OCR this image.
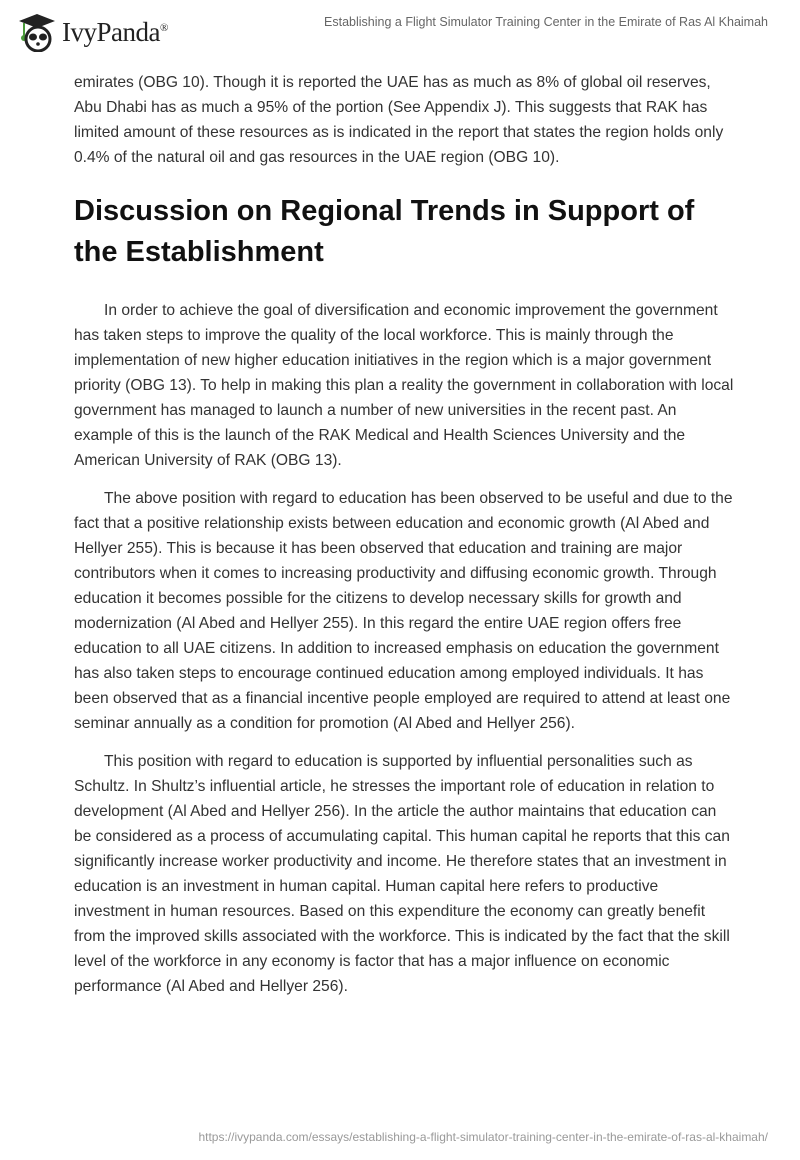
IvyPanda®	Establishing a Flight Simulator Training Center in the Emirate of Ras Al Khaimah

emirates (OBG 10). Though it is reported the UAE has as much as 8% of global oil reserves, Abu Dhabi has as much a 95% of the portion (See Appendix J). This suggests that RAK has limited amount of these resources as is indicated in the report that states the region holds only 0.4% of the natural oil and gas resources in the UAE region (OBG 10).

Discussion on Regional Trends in Support of the Establishment

In order to achieve the goal of diversification and economic improvement the government has taken steps to improve the quality of the local workforce. This is mainly through the implementation of new higher education initiatives in the region which is a major government priority (OBG 13). To help in making this plan a reality the government in collaboration with local government has managed to launch a number of new universities in the recent past. An example of this is the launch of the RAK Medical and Health Sciences University and the American University of RAK (OBG 13).

The above position with regard to education has been observed to be useful and due to the fact that a positive relationship exists between education and economic growth (Al Abed and Hellyer 255). This is because it has been observed that education and training are major contributors when it comes to increasing productivity and diffusing economic growth. Through education it becomes possible for the citizens to develop necessary skills for growth and modernization (Al Abed and Hellyer 255). In this regard the entire UAE region offers free education to all UAE citizens. In addition to increased emphasis on education the government has also taken steps to encourage continued education among employed individuals. It has been observed that as a financial incentive people employed are required to attend at least one seminar annually as a condition for promotion (Al Abed and Hellyer 256).

This position with regard to education is supported by influential personalities such as Schultz. In Shultz’s influential article, he stresses the important role of education in relation to development (Al Abed and Hellyer 256). In the article the author maintains that education can be considered as a process of accumulating capital. This human capital he reports that this can significantly increase worker productivity and income. He therefore states that an investment in education is an investment in human capital. Human capital here refers to productive investment in human resources. Based on this expenditure the economy can greatly benefit from the improved skills associated with the workforce. This is indicated by the fact that the skill level of the workforce in any economy is factor that has a major influence on economic performance (Al Abed and Hellyer 256).

https://ivypanda.com/essays/establishing-a-flight-simulator-training-center-in-the-emirate-of-ras-al-khaimah/
